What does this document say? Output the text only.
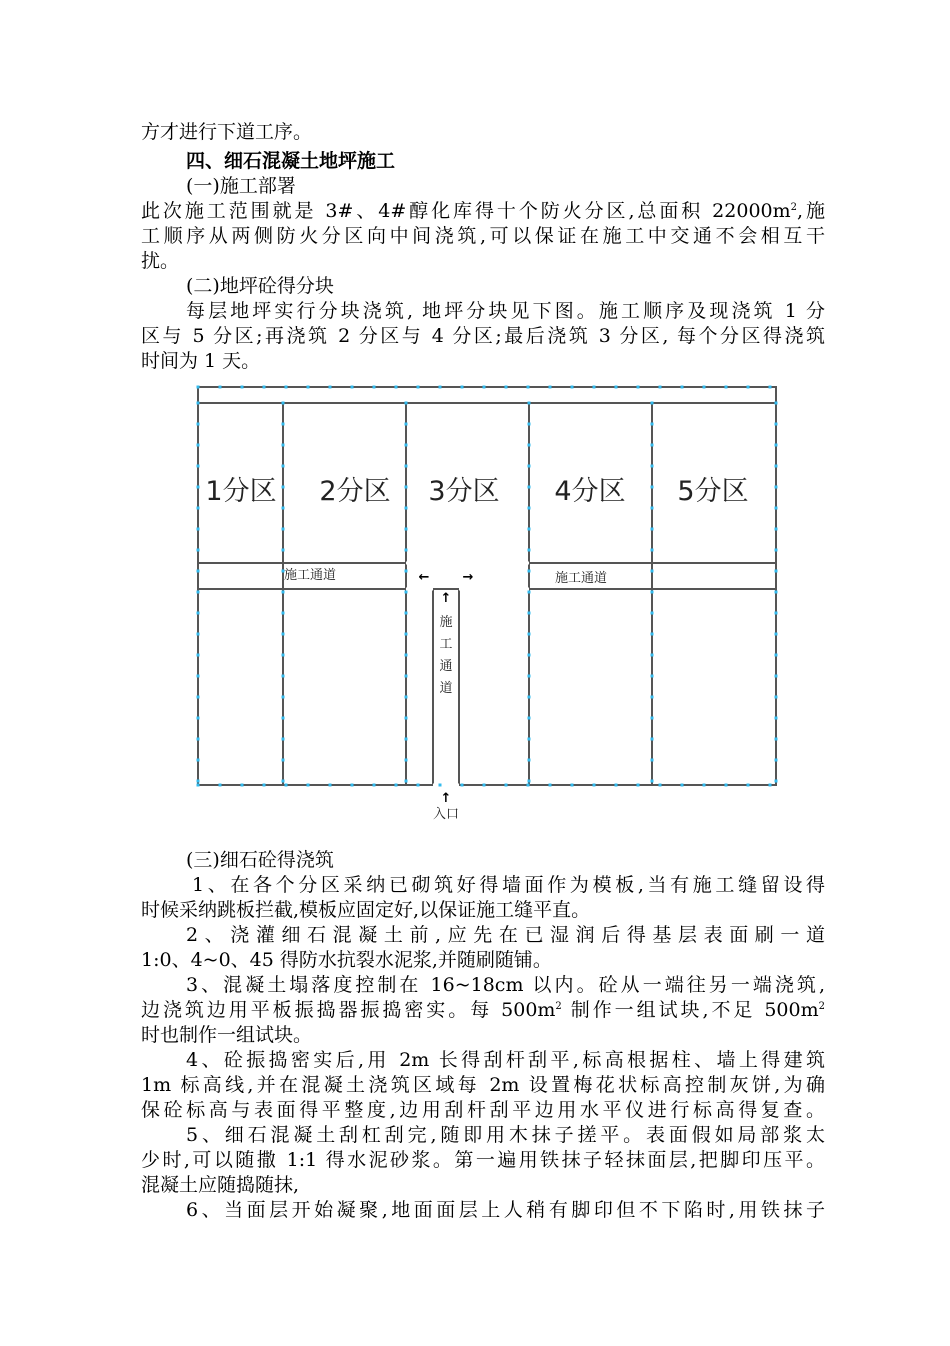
方才进行下道工序。
四、细石混凝土地坪施工
(一)施工部署
此次施工范围就是 3#、4#醇化库得十个防火分区,总面积 $22000m^2$,施
工顺序从两侧防火分区向中间浇筑,可以保证在施工中交通不会相互干
扰。
(二)地坪砼得分块
每层地坪实行分块浇筑, 地坪分块见下图。施工顺序及现浇筑 1 分
区与 5 分区;再浇筑 2 分区与 4 分区;最后浇筑 3 分区, 每个分区得浇筑
时间为 1 天。
1分区 2分区 3分区 4分区 5分区
施工通道	施工通道
施
工
通
道
入口
←	→
↑
↑
(三)细石砼得浇筑
1、在各个分区采纳已砌筑好得墙面作为模板,当有施工缝留设得
时候采纳跳板拦截,模板应固定好,以保证施工缝平直。
2、浇灌细石混凝土前,应先在已湿润后得基层表面刷一道
1:0、4~0、45 得防水抗裂水泥浆,并随刷随铺。
3、混凝土塌落度控制在 16~18cm 以内。砼从一端往另一端浇筑,
边浇筑边用平板振捣器振捣密实。每 $500m^2$ 制作一组试块,不足 $500m^2$
时也制作一组试块。
4、砼振捣密实后,用 2m 长得刮杆刮平,标高根据柱、墙上得建筑
1m 标高线,并在混凝土浇筑区域每 2m 设置梅花状标高控制灰饼,为确
保砼标高与表面得平整度,边用刮杆刮平边用水平仪进行标高得复查。
5、细石混凝土刮杠刮完,随即用木抹子搓平。表面假如局部浆太
少时,可以随撒 1:1 得水泥砂浆。第一遍用铁抹子轻抹面层,把脚印压平。
混凝土应随捣随抹,
6、当面层开始凝聚,地面面层上人稍有脚印但不下陷时,用铁抹子
